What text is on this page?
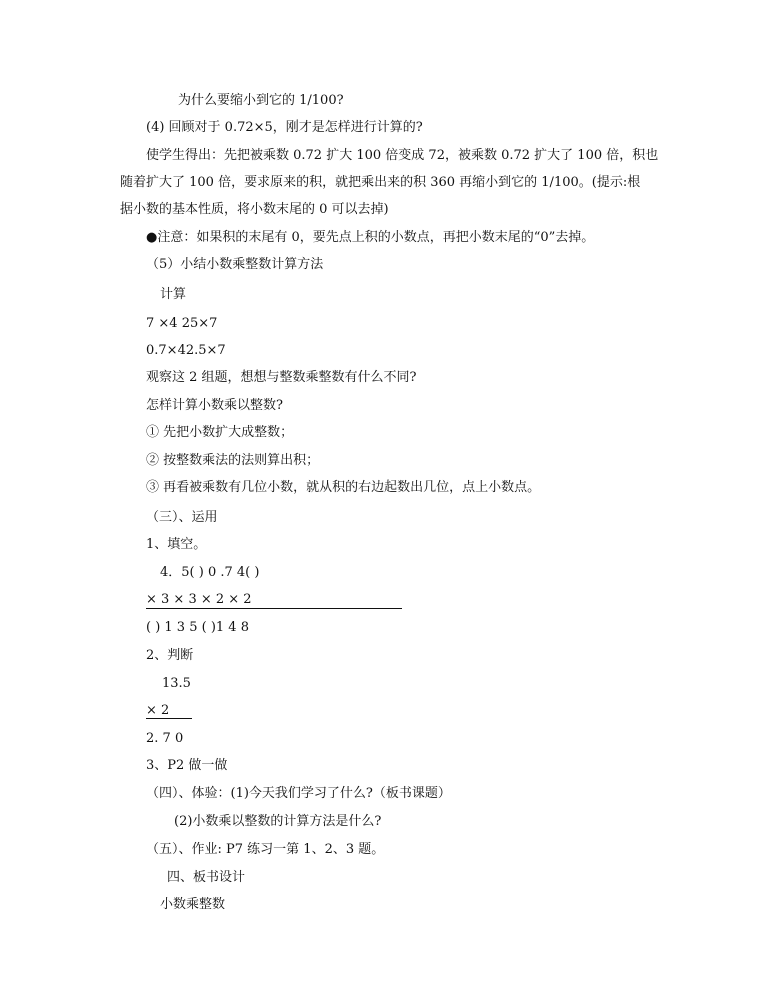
为什么要缩小到它的 1/100?
(4) 回顾对于 0.72×5，刚才是怎样进行计算的?
使学生得出：先把被乘数 0.72 扩大 100 倍变成 72，被乘数 0.72 扩大了 100 倍，积也
随着扩大了 100 倍，要求原来的积，就把乘出来的积 360 再缩小到它的 1/100。(提示:根
据小数的基本性质，将小数末尾的 0 可以去掉)
●注意：如果积的末尾有 0，要先点上积的小数点，再把小数末尾的“0”去掉。
（5）小结小数乘整数计算方法
计算
7 ×4 25×7
0.7×42.5×7
观察这 2 组题，想想与整数乘整数有什么不同?
怎样计算小数乘以整数?
① 先把小数扩大成整数；
② 按整数乘法的法则算出积；
③ 再看被乘数有几位小数，就从积的右边起数出几位，点上小数点。
（三）、运用
1、填空。
4．5( ) 0 .7 4( )
× 3 × 3 × 2 × 2
( ) 1 3 5 ( )1 4 8
2、判断
13.5
× 2
2. 7 0
3、P2 做一做
（四）、体验：(1)今天我们学习了什么?（板书课题）
(2)小数乘以整数的计算方法是什么?
（五）、作业: P7 练习一第 1、2、3 题。
四、板书设计
小数乘整数
